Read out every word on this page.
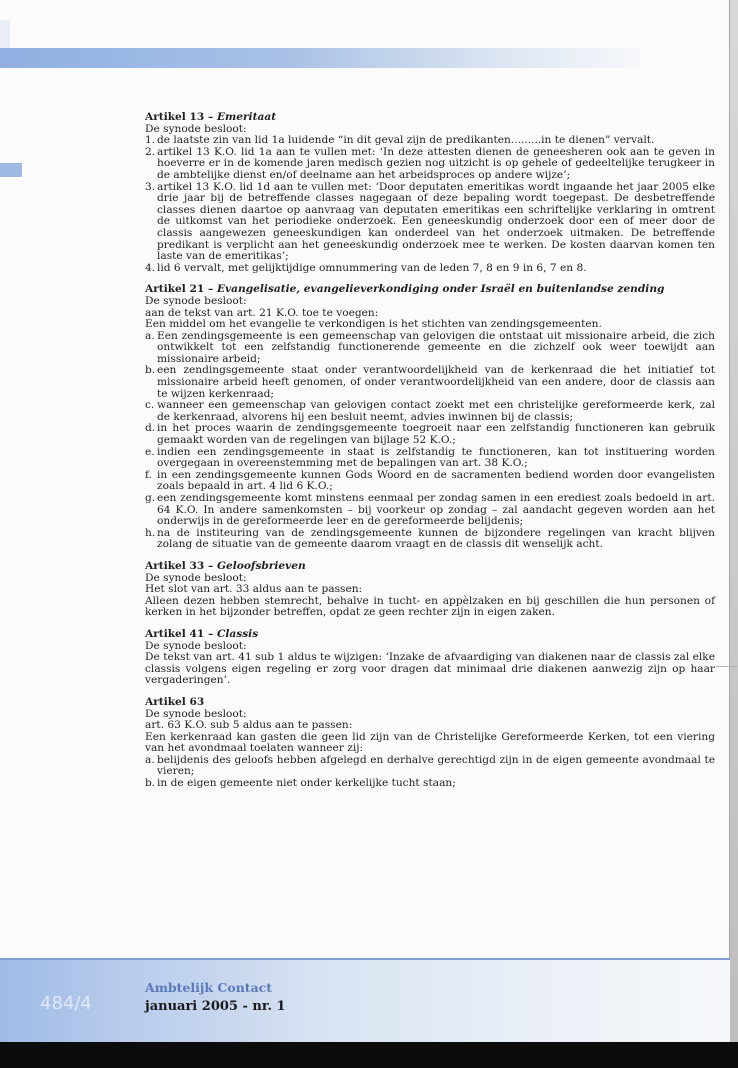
Artikel 13 – Emeritaat

De synode besloot:

1. de laatste zin van lid 1a luidende “in dit geval zijn de predikanten.........in te dienen” vervalt.
2. artikel 13 K.O. lid 1a aan te vullen met: ‘In deze attesten dienen de geneesheren ook aan te geven in hoeverre er in de komende jaren medisch gezien nog uitzicht is op gehele of gedeeltelijke terugkeer in de ambtelijke dienst en/of deelname aan het arbeidsproces op andere wijze’;
3. artikel 13 K.O. lid 1d aan te vullen met: ‘Door deputaten emeritikas wordt ingaande het jaar 2005 elke drie jaar bij de betreffende classes nagegaan of deze bepaling wordt toegepast. De desbetreffende classes dienen daartoe op aanvraag van deputaten emeritikas een schriftelijke verklaring in omtrent de uitkomst van het periodieke onderzoek. Een geneeskundig onderzoek door een of meer door de classis aangewezen geneeskundigen kan onderdeel van het onderzoek uitmaken. De betreffende predikant is verplicht aan het geneeskundig onderzoek mee te werken. De kosten daarvan komen ten laste van de emeritikas’;
4. lid 6 vervalt, met gelijktijdige omnummering van de leden 7, 8 en 9 in 6, 7 en 8.

Artikel 21 – Evangelisatie, evangelieverkondiging onder Israël en buitenlandse zending

De synode besloot:

aan de tekst van art. 21 K.O. toe te voegen:

Een middel om het evangelie te verkondigen is het stichten van zendingsgemeenten.

a. Een zendingsgemeente is een gemeenschap van gelovigen die ontstaat uit missionaire arbeid, die zich ontwikkelt tot een zelfstandig functionerende gemeente en die zichzelf ook weer toewijdt aan missionaire arbeid;
b. een zendingsgemeente staat onder verantwoordelijkheid van de kerkenraad die het initiatief tot missionaire arbeid heeft genomen, of onder verantwoordelijkheid van een andere, door de classis aan te wijzen kerkenraad;
c. wanneer een gemeenschap van gelovigen contact zoekt met een christelijke gereformeerde kerk, zal de kerkenraad, alvorens hij een besluit neemt, advies inwinnen bij de classis;
d. in het proces waarin de zendingsgemeente toegroeit naar een zelfstandig functioneren kan gebruik gemaakt worden van de regelingen van bijlage 52 K.O.;
e. indien een zendingsgemeente in staat is zelfstandig te functioneren, kan tot instituering worden overgegaan in overeenstemming met de bepalingen van art. 38 K.O.;
f. in een zendingsgemeente kunnen Gods Woord en de sacramenten bediend worden door evangelisten zoals bepaald in art. 4 lid 6 K.O.;
g. een zendingsgemeente komt minstens eenmaal per zondag samen in een erediest zoals bedoeld in art. 64 K.O. In andere samenkomsten – bij voorkeur op zondag – zal aandacht gegeven worden aan het onderwijs in de gereformeerde leer en de gereformeerde belijdenis;
h. na de institeuring van de zendingsgemeente kunnen de bijzondere regelingen van kracht blijven zolang de situatie van de gemeente daarom vraagt en de classis dit wenselijk acht.

Artikel 33 – Geloofsbrieven

De synode besloot:

Het slot van art. 33 aldus aan te passen:

Alleen dezen hebben stemrecht, behalve in tucht- en appèlzaken en bij geschillen die hun personen of kerken in het bijzonder betreffen, opdat ze geen rechter zijn in eigen zaken.

Artikel 41 – Classis

De synode besloot:

De tekst van art. 41 sub 1 aldus te wijzigen: ‘Inzake de afvaardiging van diakenen naar de classis zal elke classis volgens eigen regeling er zorg voor dragen dat minimaal drie diakenen aanwezig zijn op haar vergaderingen’.

Artikel 63

De synode besloot:

art. 63 K.O. sub 5 aldus aan te passen:

Een kerkenraad kan gasten die geen lid zijn van de Christelijke Gereformeerde Kerken, tot een viering van het avondmaal toelaten wanneer zij:

a. belijdenis des geloofs hebben afgelegd en derhalve gerechtigd zijn in de eigen gemeente avondmaal te vieren;
b. in de eigen gemeente niet onder kerkelijke tucht staan;
484/4
Ambtelijk Contact
januari 2005 - nr. 1
